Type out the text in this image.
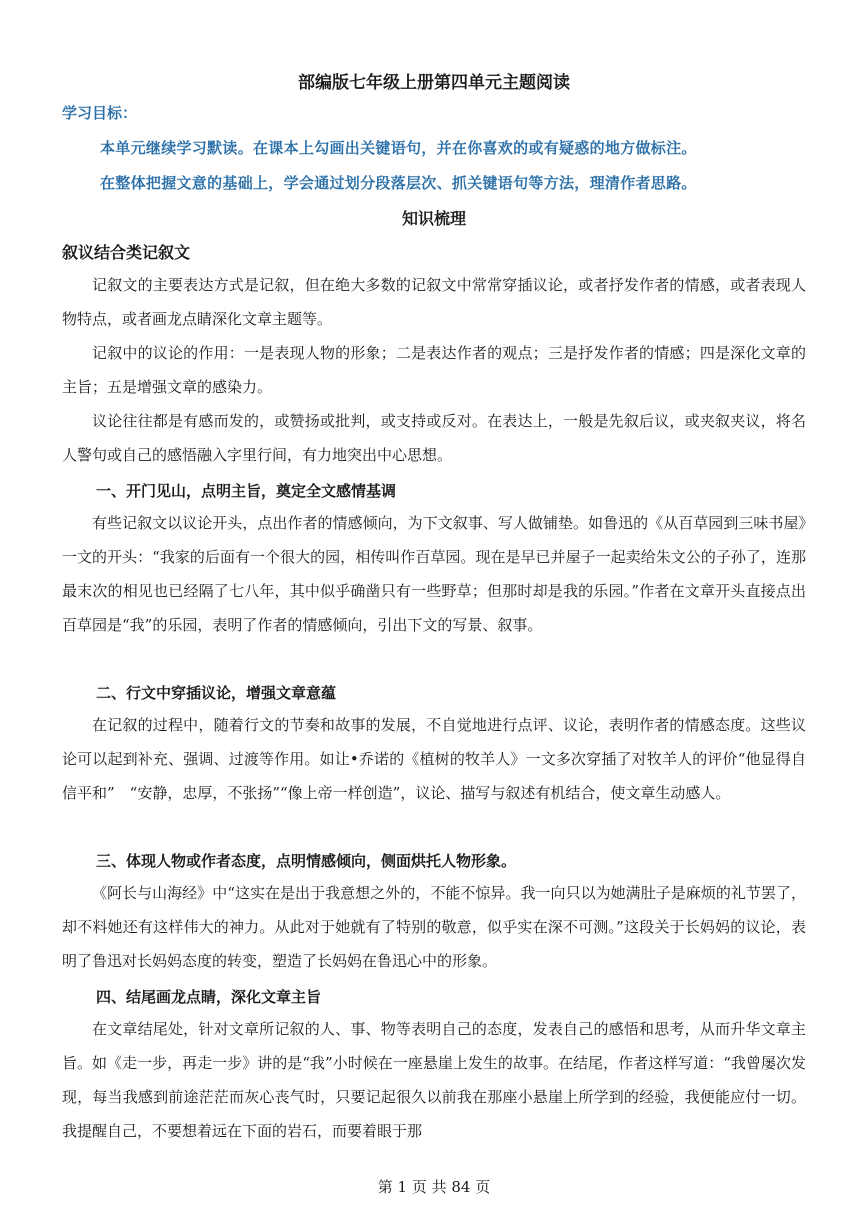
部编版七年级上册第四单元主题阅读
学习目标：
本单元继续学习默读。在课本上勾画出关键语句，并在你喜欢的或有疑惑的地方做标注。
在整体把握文意的基础上，学会通过划分段落层次、抓关键语句等方法，理清作者思路。
知识梳理
叙议结合类记叙文

记叙文的主要表达方式是记叙，但在绝大多数的记叙文中常常穿插议论，或者抒发作者的情感，或者表现人物特点，或者画龙点睛深化文章主题等。

记叙中的议论的作用：一是表现人物的形象；二是表达作者的观点；三是抒发作者的情感；四是深化文章的主旨；五是增强文章的感染力。

议论往往都是有感而发的，或赞扬或批判，或支持或反对。在表达上，一般是先叙后议，或夹叙夹议，将名人警句或自己的感悟融入字里行间，有力地突出中心思想。

一、开门见山，点明主旨，奠定全文感情基调

有些记叙文以议论开头，点出作者的情感倾向，为下文叙事、写人做铺垫。如鲁迅的《从百草园到三味书屋》一文的开头：“我家的后面有一个很大的园，相传叫作百草园。现在是早已并屋子一起卖给朱文公的子孙了，连那最末次的相见也已经隔了七八年，其中似乎确凿只有一些野草；但那时却是我的乐园。”作者在文章开头直接点出百草园是“我”的乐园，表明了作者的情感倾向，引出下文的写景、叙事。

二、行文中穿插议论，增强文章意蕴

在记叙的过程中，随着行文的节奏和故事的发展，不自觉地进行点评、议论，表明作者的情感态度。这些议论可以起到补充、强调、过渡等作用。如让•乔诺的《植树的牧羊人》一文多次穿插了对牧羊人的评价“他显得自信平和”　“安静，忠厚，不张扬”“像上帝一样创造”，议论、描写与叙述有机结合，使文章生动感人。

三、体现人物或作者态度，点明情感倾向，侧面烘托人物形象。

《阿长与山海经》中“这实在是出于我意想之外的，不能不惊异。我一向只以为她满肚子是麻烦的礼节罢了，却不料她还有这样伟大的神力。从此对于她就有了特别的敬意，似乎实在深不可测。”这段关于长妈妈的议论，表明了鲁迅对长妈妈态度的转变，塑造了长妈妈在鲁迅心中的形象。

四、结尾画龙点睛，深化文章主旨

在文章结尾处，针对文章所记叙的人、事、物等表明自己的态度，发表自己的感悟和思考，从而升华文章主旨。如《走一步，再走一步》讲的是“我”小时候在一座悬崖上发生的故事。在结尾，作者这样写道：“我曾屡次发现，每当我感到前途茫茫而灰心丧气时，只要记起很久以前我在那座小悬崖上所学到的经验，我便能应付一切。我提醒自己，不要想着远在下面的岩石，而要着眼于那

第 1 页 共 84 页
